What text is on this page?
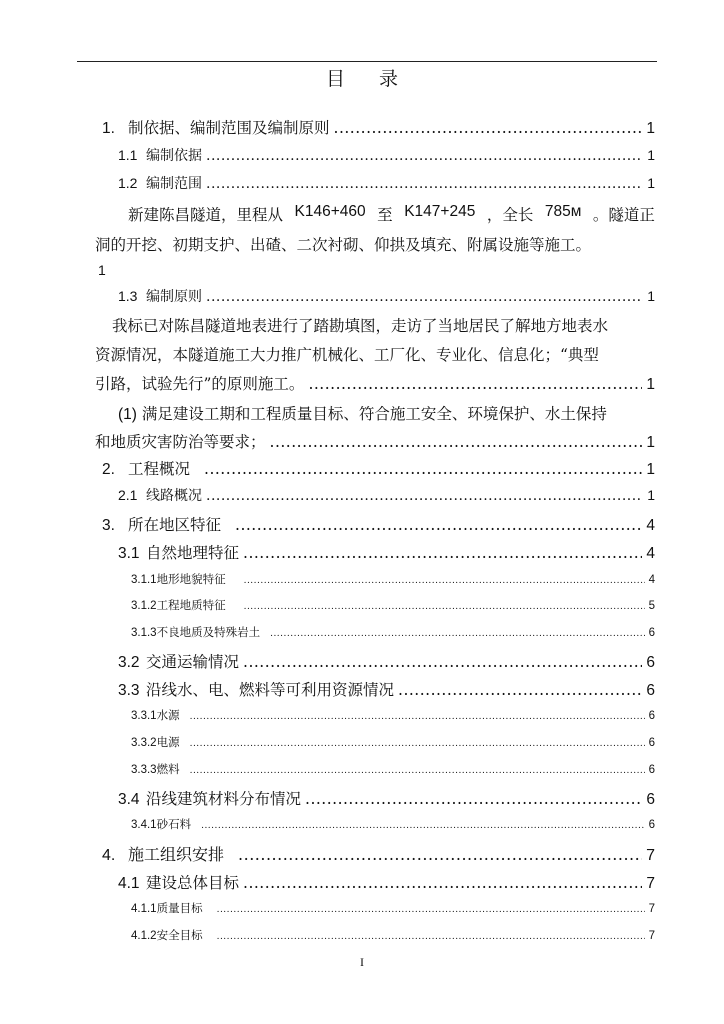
目 录
1. 制依据、编制范围及编制原则 .....	1
1.1 编制依据 .....	1
1.2 编制范围 .....	1
新建陈昌隧道，里程从 K146+460 至 K147+245 ，全长 785м 。隧道正
洞的开挖、初期支护、出碴、二次衬砌、仰拱及填充、附属设施等施工。
1
1.3 编制原则 .....	1
我标已对陈昌隧道地表进行了踏勘填图，走访了当地居民了解地方地表水
资源情况，本隧道施工大力推广机械化、工厂化、专业化、信息化；“典型
引路，试验先行”的原则施工。 .....	1
(1) 满足建设工期和工程质量目标、符合施工安全、环境保护、水土保持
和地质灾害防治等要求； .....	1
2. 工程概况 .....	1
2.1 线路概况 .....	1
3. 所在地区特征 .....	4
3.1 自然地理特征 .....	4
3.1.1 地形地貌特征 .....	4
3.1.2 工程地质特征 .....	5
3.1.3 不良地质及特殊岩土 .....	6
3.2 交通运输情况 .....	6
3.3 沿线水、电、燃料等可利用资源情况 .....	6
3.3.1 水源 .....	6
3.3.2 电源 .....	6
3.3.3 燃料 .....	6
3.4 沿线建筑材料分布情况 .....	6
3.4.1 砂石料 .....	6
4. 施工组织安排 .....	7
4.1 建设总体目标 .....	7
4.1.1 质量目标 .....	7
4.1.2 安全目标 .....	7
I
